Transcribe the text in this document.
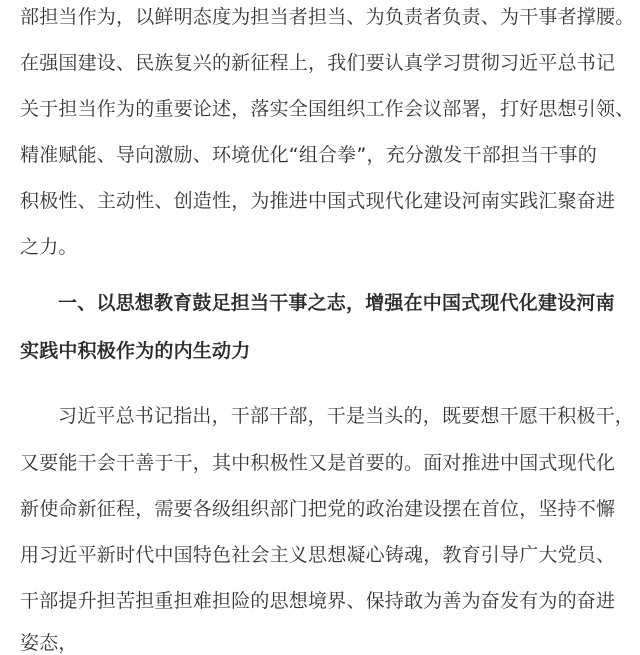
部担当作为，以鲜明态度为担当者担当、为负责者负责、为干事者撑腰。
在强国建设、民族复兴的新征程上，我们要认真学习贯彻习近平总书记
关于担当作为的重要论述，落实全国组织工作会议部署，打好思想引领、
精准赋能、导向激励、环境优化“组合拳”，充分激发干部担当干事的
积极性、主动性、创造性，为推进中国式现代化建设河南实践汇聚奋进
之力。
一、以思想教育鼓足担当干事之志，增强在中国式现代化建设河南
实践中积极作为的内生动力
习近平总书记指出，干部干部，干是当头的，既要想干愿干积极干，
又要能干会干善于干，其中积极性又是首要的。面对推进中国式现代化
新使命新征程，需要各级组织部门把党的政治建设摆在首位，坚持不懈
用习近平新时代中国特色社会主义思想凝心铸魂，教育引导广大党员、
干部提升担苦担重担难担险的思想境界、保持敢为善为奋发有为的奋进
姿态，
